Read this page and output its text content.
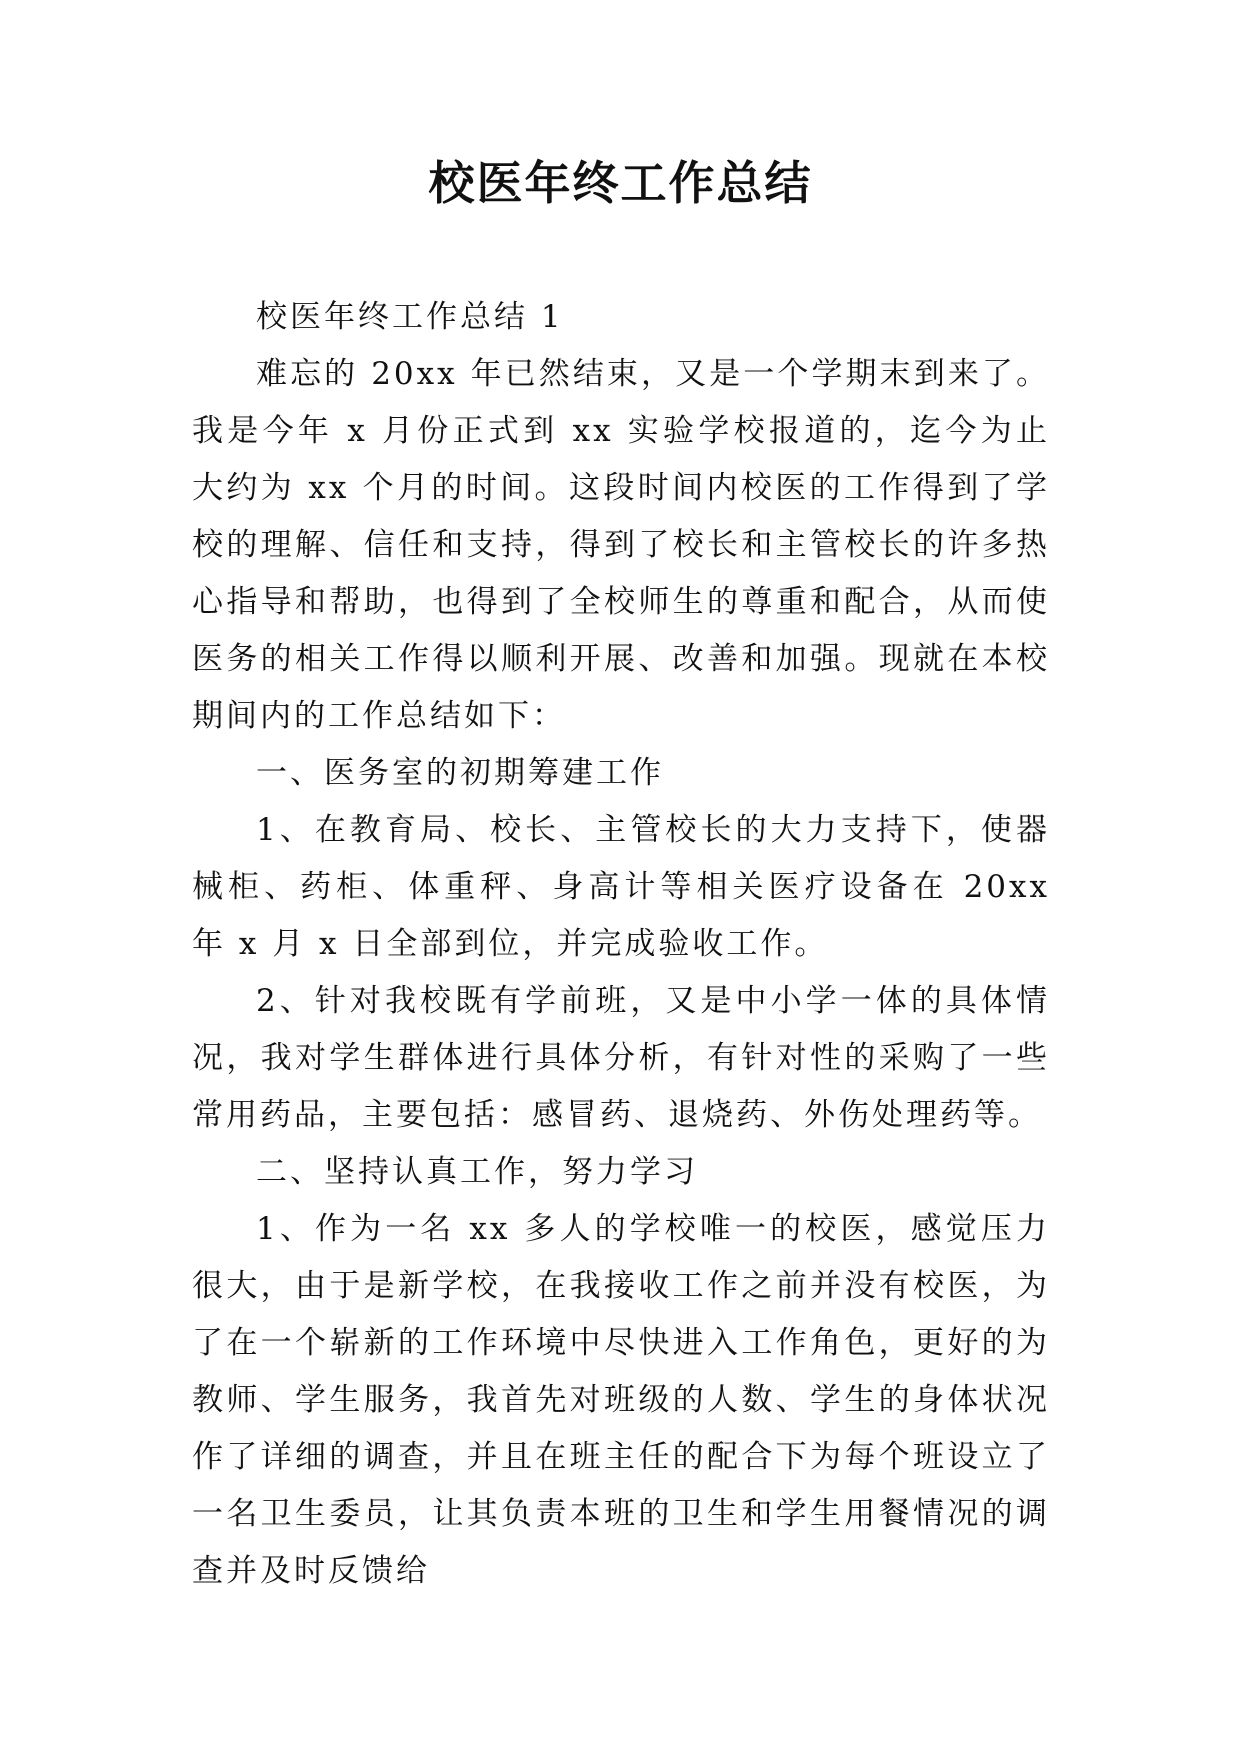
校医年终工作总结

校医年终工作总结 1

难忘的 20xx 年已然结束，又是一个学期末到来了。我是今年 x 月份正式到 xx 实验学校报道的，迄今为止大约为 xx 个月的时间。这段时间内校医的工作得到了学校的理解、信任和支持，得到了校长和主管校长的许多热心指导和帮助，也得到了全校师生的尊重和配合，从而使医务的相关工作得以顺利开展、改善和加强。现就在本校期间内的工作总结如下：

一、医务室的初期筹建工作

1、在教育局、校长、主管校长的大力支持下，使器械柜、药柜、体重秤、身高计等相关医疗设备在 20xx 年 x 月 x 日全部到位，并完成验收工作。

2、针对我校既有学前班，又是中小学一体的具体情况，我对学生群体进行具体分析，有针对性的采购了一些常用药品，主要包括：感冒药、退烧药、外伤处理药等。

二、坚持认真工作，努力学习

1、作为一名 xx 多人的学校唯一的校医，感觉压力很大，由于是新学校，在我接收工作之前并没有校医，为了在一个崭新的工作环境中尽快进入工作角色，更好的为教师、学生服务，我首先对班级的人数、学生的身体状况作了详细的调查，并且在班主任的配合下为每个班设立了一名卫生委员，让其负责本班的卫生和学生用餐情况的调查并及时反馈给
